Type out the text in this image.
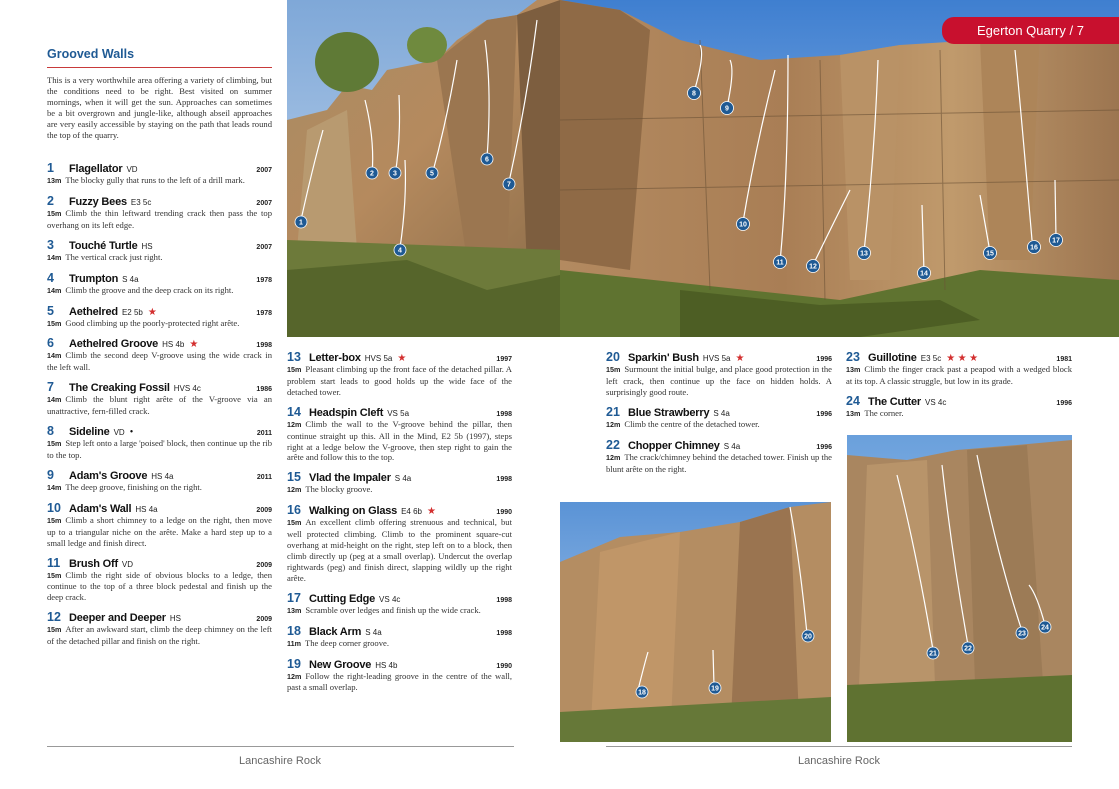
Grooved Walls
This is a very worthwhile area offering a variety of climbing, but the conditions need to be right. Best visited on summer mornings, when it will get the sun. Approaches can sometimes be a bit overgrown and jungle-like, although abseil approaches are very easily accessible by staying on the path that leads round the top of the quarry.
1
2	3
4
5
6
7
1	Flagellator VD	2007
13m The blocky gully that runs to the left of a drill mark.
2	Fuzzy Bees E3 5c	2007
15m Climb the thin leftward trending crack then pass the top overhang on its left edge.
3	Touché Turtle HS	2007
14m The vertical crack just right.
4	Trumpton S 4a	1978
14m Climb the groove and the deep crack on its right.
5	Aethelred E2 5b ★	1978
15m Good climbing up the poorly-protected right arête.
6	Aethelred Groove HS 4b ★	1998
14m Climb the second deep V-groove using the wide crack in the left wall.
7	The Creaking Fossil HVS 4c	1986
14m Climb the blunt right arête of the V-groove via an unattractive, fern-filled crack.
8	Sideline VD •	2011
15m Step left onto a large 'poised' block, then continue up the rib to the top.
9	Adam's Groove HS 4a	2011
14m The deep groove, finishing on the right.
10 Adam's Wall HS 4a	2009
15m Climb a short chimney to a ledge on the right, then move up to a triangular niche on the arête. Make a hard step up to a small ledge and finish direct.
11 Brush Off VD	2009
15m Climb the right side of obvious blocks to a ledge, then continue to the top of a three block pedestal and finish up the deep crack.
12 Deeper and Deeper HS	2009
15m After an awkward start, climb the deep chimney on the left of the detached pillar and finish on the right.
13 Letter-box HVS 5a ★	1997
15m Pleasant climbing up the front face of the detached pillar. A problem start leads to good holds up the wide face of the detached tower.
14 Headspin Cleft VS 5a	1998
12m Climb the wall to the V-groove behind the pillar, then continue straight up this. All in the Mind, E2 5b (1997), steps right at a ledge below the V-groove, then step right to gain the arête and follow this to the top.
15 Vlad the Impaler S 4a	1998
12m The blocky groove.
16 Walking on Glass E4 6b ★	1990
15m An excellent climb offering strenuous and technical, but well protected climbing. Climb to the prominent square-cut overhang at mid-height on the right, step left on to a block, then climb directly up (peg at a small overlap). Undercut the overlap rightwards (peg) and finish direct, slapping wildly up the right arête.
17 Cutting Edge VS 4c	1998
13m Scramble over ledges and finish up the wide crack.
18 Black Arm S 4a	1998
11m The deep corner groove.
19 New Groove HS 4b	1990
12m Follow the right-leading groove in the centre of the wall, past a small overlap.
Lancashire Rock
8
9
10
11
12
13
14
15
16
17
Egerton Quarry / 7
20 Sparkin' Bush HVS 5a ★	1996
15m Surmount the initial bulge, and place good protection in the left crack, then continue up the face on hidden holds. A surprisingly good route.
21 Blue Strawberry S 4a	1996
12m Climb the centre of the detached tower.
22 Chopper Chimney S 4a	1996
12m The crack/chimney behind the detached tower. Finish up the blunt arête on the right.
23 Guillotine E3 5c ★ ★ ★	1981
13m Climb the finger crack past a peapod with a wedged block at its top. A classic struggle, but low in its grade.
24 The Cutter VS 4c	1996
13m The corner.
18
19
20
21
22
23
24
Lancashire Rock
